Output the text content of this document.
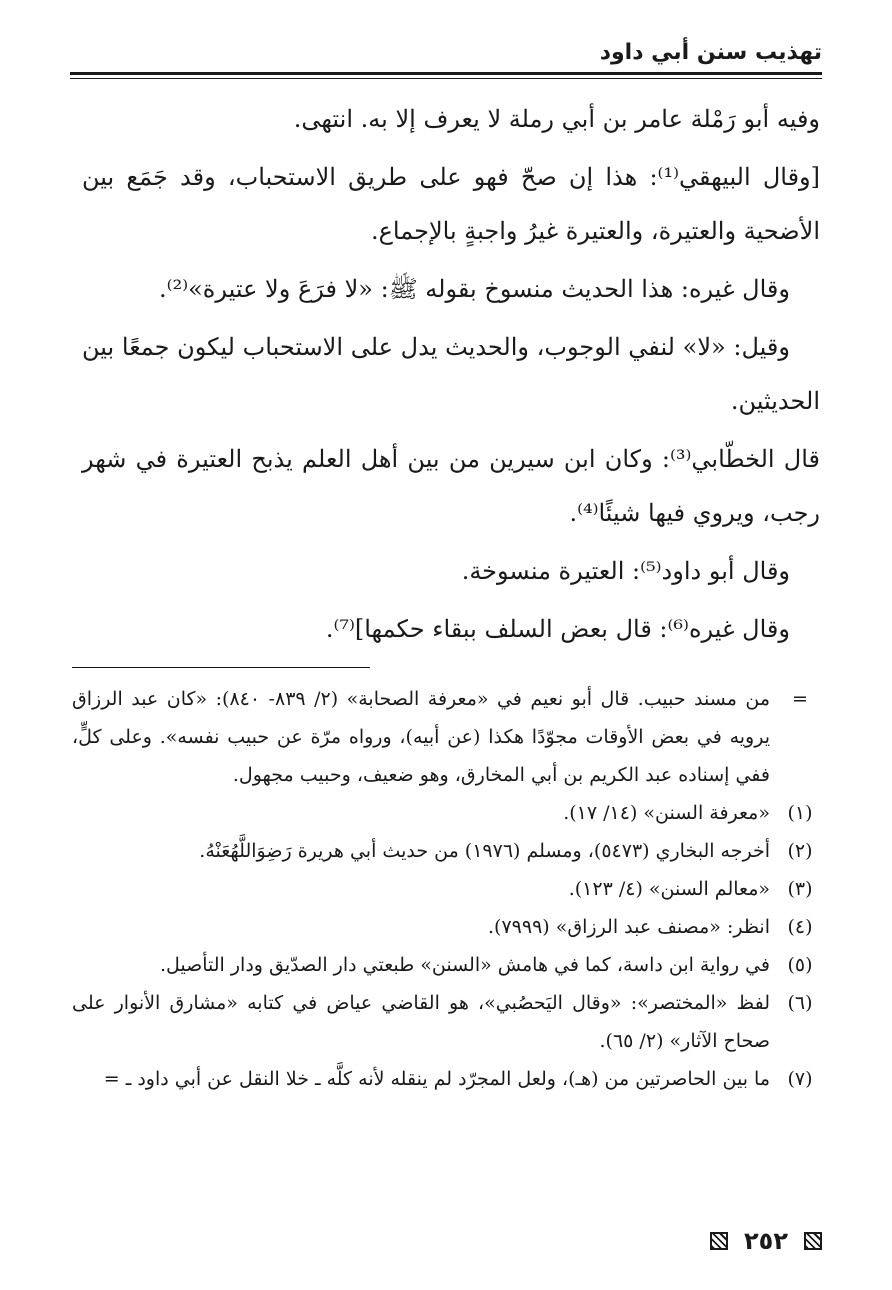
تهذيب سنن أبي داود

وفيه أبو رَمْلة عامر بن أبي رملة لا يعرف إلا به. انتهى.

[وقال البيهقي⁽¹⁾: هذا إن صحّ فهو على طريق الاستحباب، وقد جَمَع بين الأضحية والعتيرة، والعتيرة غيرُ واجبةٍ بالإجماع.

وقال غيره: هذا الحديث منسوخ بقوله ﷺ: «لا فرَعَ ولا عتيرة»⁽²⁾.

وقيل: «لا» لنفي الوجوب، والحديث يدل على الاستحباب ليكون جمعًا بين الحديثين.

قال الخطّابي⁽³⁾: وكان ابن سيرين من بين أهل العلم يذبح العتيرة في شهر رجب، ويروي فيها شيئًا⁽⁴⁾.

وقال أبو داود⁽⁵⁾: العتيرة منسوخة.

وقال غيره⁽⁶⁾: قال بعض السلف ببقاء حكمها]⁽⁷⁾.

=
من مسند حبيب. قال أبو نعيم في «معرفة الصحابة» (٢/ ٨٣٩- ٨٤٠): «كان عبد الرزاق يرويه في بعض الأوقات مجوّدًا هكذا (عن أبيه)، ورواه مرّة عن حبيب نفسه». وعلى كلٍّ، ففي إسناده عبد الكريم بن أبي المخارق، وهو ضعيف، وحبيب مجهول.
(١)
«معرفة السنن» (١٤/ ١٧).
(٢)
أخرجه البخاري (٥٤٧٣)، ومسلم (١٩٧٦) من حديث أبي هريرة رَضِوَاللَّهُعَنْهُ.
(٣)
«معالم السنن» (٤/ ١٢٣).
(٤)
انظر: «مصنف عبد الرزاق» (٧٩٩٩).
(٥)
في رواية ابن داسة، كما في هامش «السنن» طبعتي دار الصدّيق ودار التأصيل.
(٦)
لفظ «المختصر»: «وقال اليَحصُبي»، هو القاضي عياض في كتابه «مشارق الأنوار على صحاح الآثار» (٢/ ٦٥).
(٧)
ما بين الحاصرتين من (هـ)، ولعل المجرّد لم ينقله لأنه كلَّه ـ خلا النقل عن أبي داود ـ =
٢٥٢
